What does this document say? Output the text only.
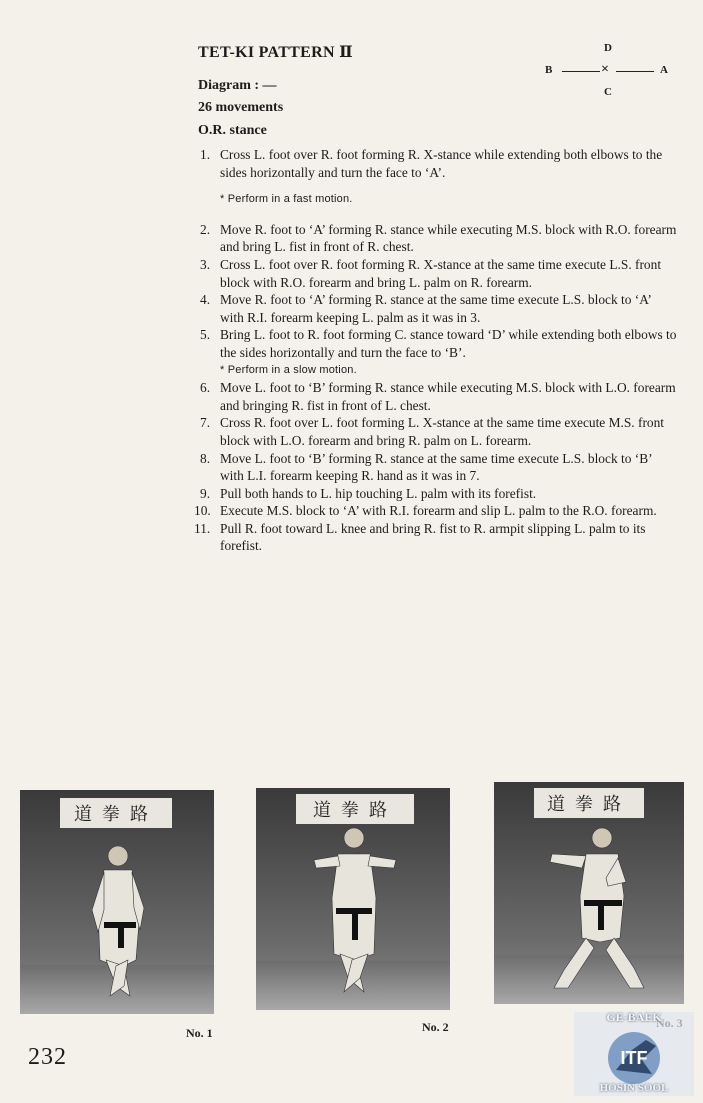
TET-KI PATTERN Ⅱ
Diagram : —
26 movements
O.R. stance
D
B	×	A
C
1. Cross L. foot over R. foot forming R. X-stance while extending both elbows to the sides horizontally and turn the face to ‘A’.
* Perform in a fast motion.
2. Move R. foot to ‘A’ forming R. stance while executing M.S. block with R.O. forearm and bring L. fist in front of R. chest.
3. Cross L. foot over R. foot forming R. X-stance at the same time execute L.S. front block with R.O. forearm and bring L. palm on R. forearm.
4. Move R. foot to ‘A’ forming R. stance at the same time execute L.S. block to ‘A’ with R.I. forearm keeping L. palm as it was in 3.
5. Bring L. foot to R. foot forming C. stance toward ‘D’ while extending both elbows to the sides horizontally and turn the face to ‘B’.
* Perform in a slow motion.
6. Move L. foot to ‘B’ forming R. stance while executing M.S. block with L.O. forearm and bringing R. fist in front of L. chest.
7. Cross R. foot over L. foot forming L. X-stance at the same time execute M.S. front block with L.O. forearm and bring R. palm on L. forearm.
8. Move L. foot to ‘B’ forming R. stance at the same time execute L.S. block to ‘B’ with L.I. forearm keeping R. hand as it was in 7.
9. Pull both hands to L. hip touching L. palm with its forefist.
10. Execute M.S. block to ‘A’ with R.I. forearm and slip L. palm to the R.O. forearm.
11. Pull R. foot toward L. knee and bring R. fist to R. armpit slipping L. palm to its forefist.
道拳路
No. 1
道拳路
No. 2
道拳路
232
GE-BAEK
ITF
HOSIN SOOL
